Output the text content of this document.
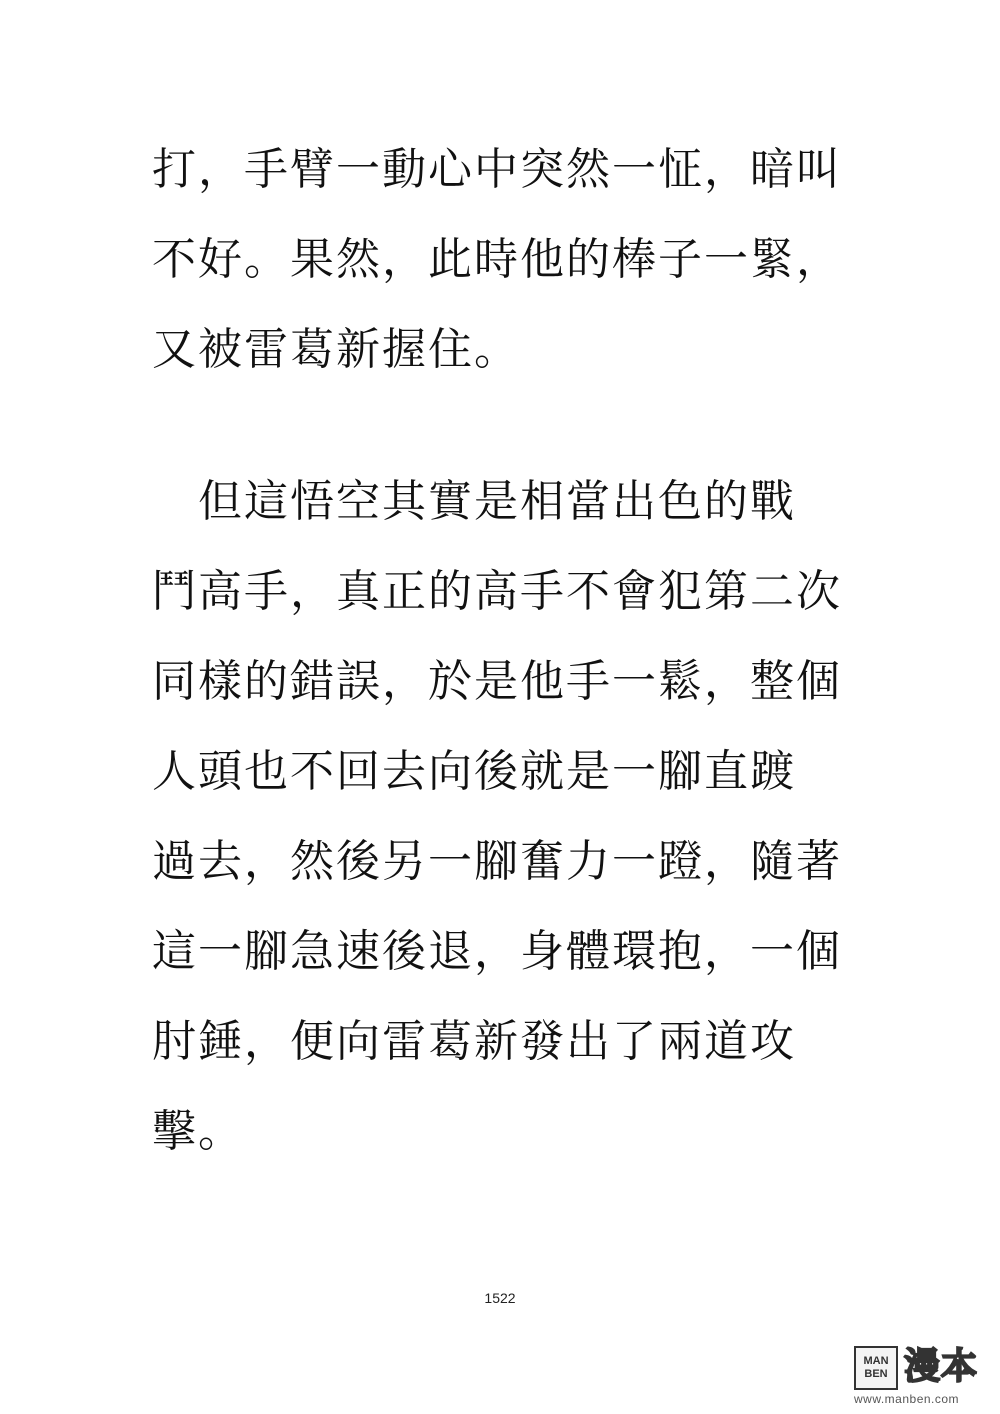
打，手臂一動心中突然一怔，暗叫
不好。果然，此時他的棒子一緊，
又被雷葛新握住。
　但這悟空其實是相當出色的戰
鬥高手，真正的高手不會犯第二次
同樣的錯誤，於是他手一鬆，整個
人頭也不回去向後就是一腳直踱
過去，然後另一腳奮力一蹬，隨著
這一腳急速後退，身體環抱，一個
肘錘，便向雷葛新發出了兩道攻
擊。
1522
MAN
BEN 漫本
www.manben.com
